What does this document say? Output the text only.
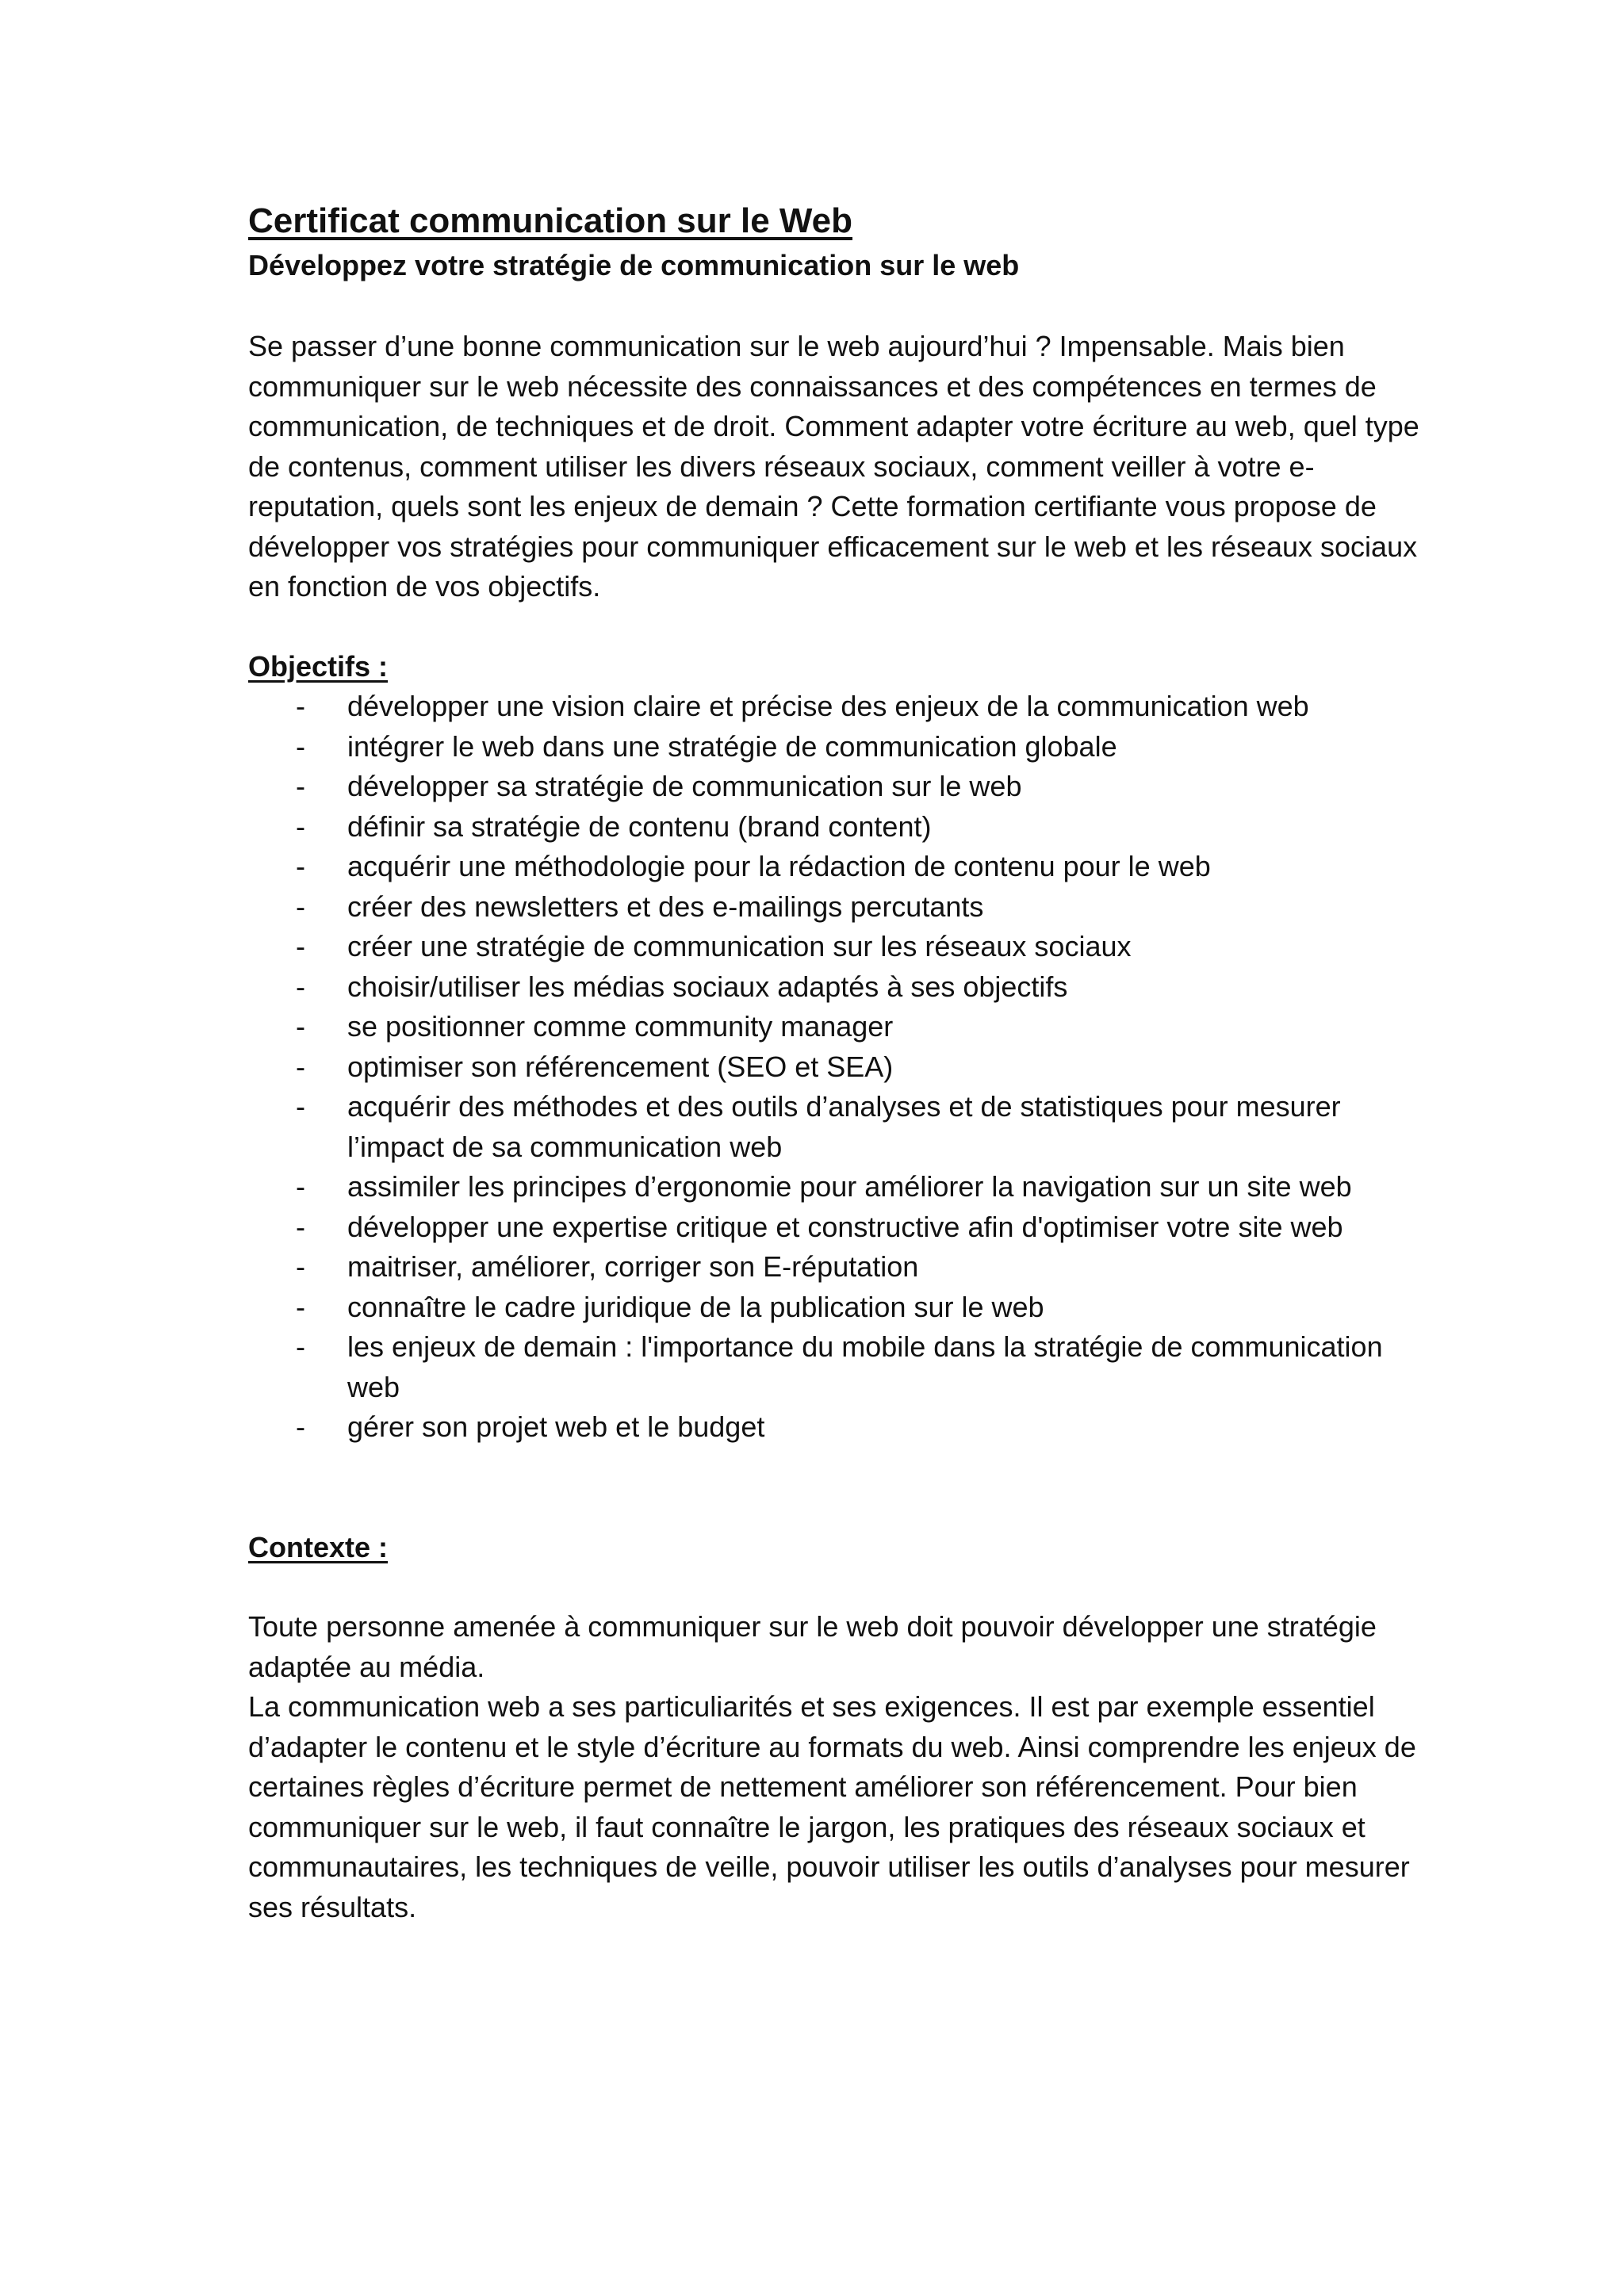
Certificat communication sur le Web
Développez votre stratégie de communication sur le web

Se passer d’une bonne communication sur le web aujourd’hui ? Impensable. Mais bien communiquer sur le web nécessite des connaissances et des compétences en termes de communication, de techniques et de droit. Comment adapter votre écriture au web, quel type de contenus, comment utiliser les divers réseaux sociaux, comment veiller à votre e-reputation, quels sont les enjeux de demain ? Cette formation certifiante vous propose de développer vos stratégies pour communiquer efficacement sur le web et les réseaux sociaux en fonction de vos objectifs.

Objectifs :
- développer une vision claire et précise des enjeux de la communication web
- intégrer le web dans une stratégie de communication globale
- développer sa stratégie de communication sur le web
- définir sa stratégie de contenu (brand content)
- acquérir une méthodologie pour la rédaction de contenu pour le web
- créer des newsletters et des e-mailings percutants
- créer une stratégie de communication sur les réseaux sociaux
- choisir/utiliser les médias sociaux adaptés à ses objectifs
- se positionner comme community manager
- optimiser son référencement (SEO et SEA)
- acquérir des méthodes et des outils d’analyses et de statistiques pour mesurer l’impact de sa communication web
- assimiler les principes d’ergonomie pour améliorer la navigation sur un site web
- développer une expertise critique et constructive afin d'optimiser votre site web
- maitriser, améliorer, corriger son E-réputation
- connaître le cadre juridique de la publication sur le web
- les enjeux de demain : l'importance du mobile dans la stratégie de communication web
- gérer son projet web et le budget
Contexte :

Toute personne amenée à communiquer sur le web doit pouvoir développer une stratégie adaptée au média.

La communication web a ses particuliarités et ses exigences. Il est par exemple essentiel d’adapter le contenu et le style d’écriture au formats du web. Ainsi comprendre les enjeux de certaines règles d’écriture permet de nettement améliorer son référencement. Pour bien communiquer sur le web, il faut connaître le jargon, les pratiques des réseaux sociaux et communautaires, les techniques de veille, pouvoir utiliser les outils d’analyses pour mesurer ses résultats.
